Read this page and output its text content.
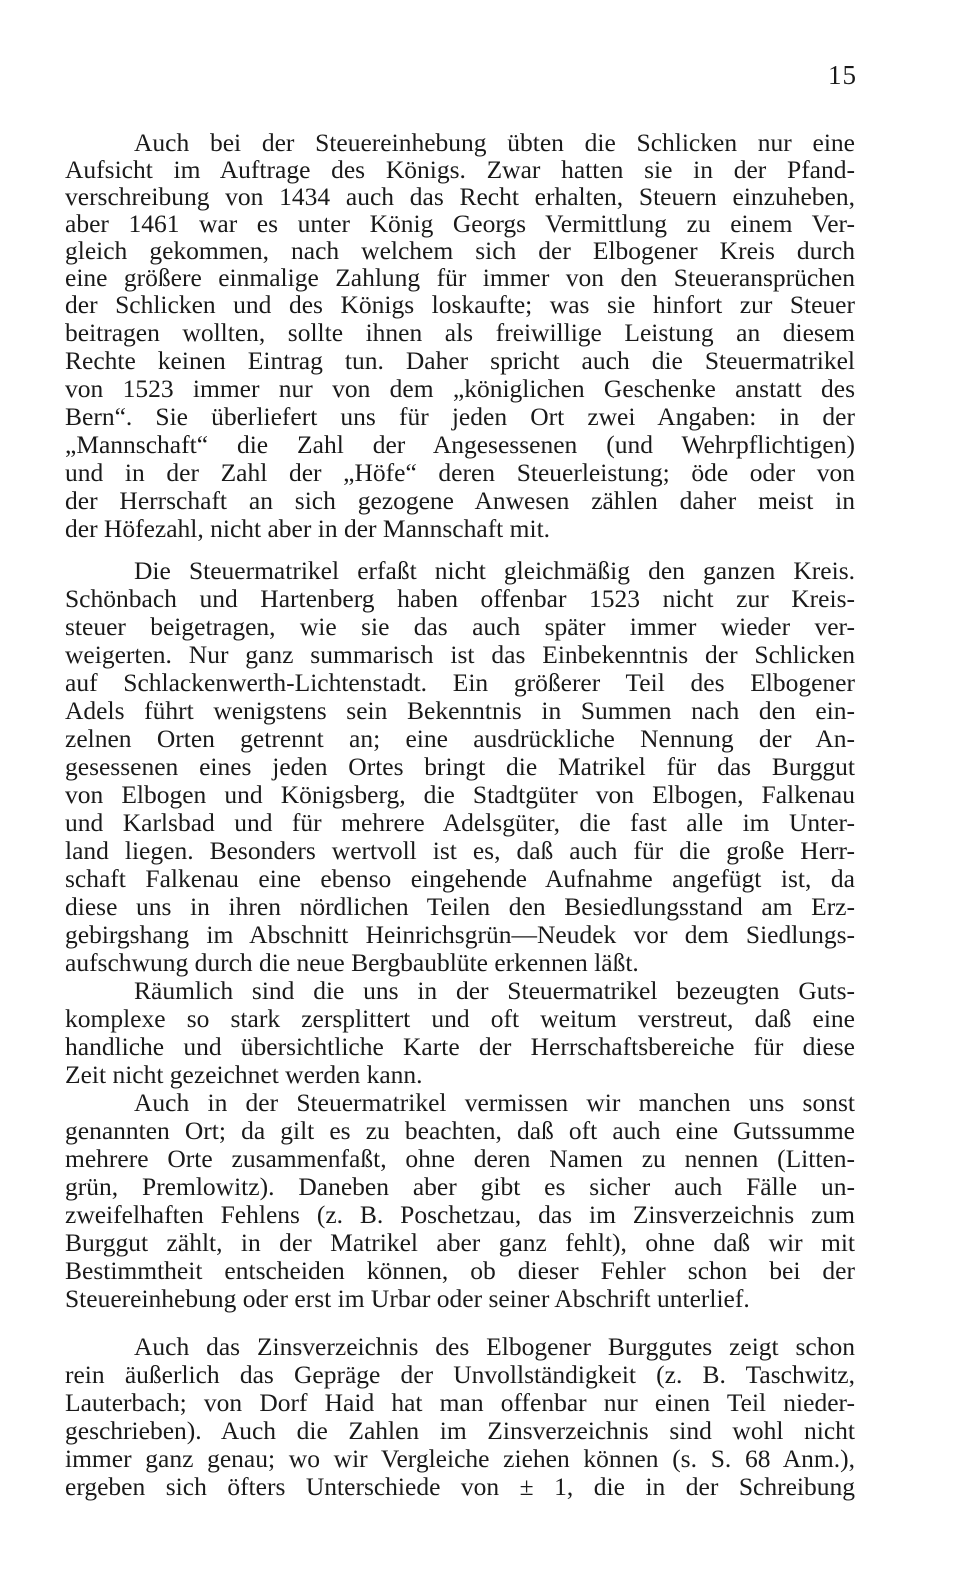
15
Auch bei der Steuereinhebung übten die Schlicken nur eine
Aufsicht im Auftrage des Königs. Zwar hatten sie in der Pfand-
verschreibung von 1434 auch das Recht erhalten, Steuern einzuheben,
aber 1461 war es unter König Georgs Vermittlung zu einem Ver-
gleich gekommen, nach welchem sich der Elbogener Kreis durch
eine größere einmalige Zahlung für immer von den Steueransprüchen
der Schlicken und des Königs loskaufte; was sie hinfort zur Steuer
beitragen wollten, sollte ihnen als freiwillige Leistung an diesem
Rechte keinen Eintrag tun. Daher spricht auch die Steuermatrikel
von 1523 immer nur von dem „königlichen Geschenke anstatt des
Bern“. Sie überliefert uns für jeden Ort zwei Angaben: in der
„Mannschaft“ die Zahl der Angesessenen (und Wehrpflichtigen)
und in der Zahl der „Höfe“ deren Steuerleistung; öde oder von
der Herrschaft an sich gezogene Anwesen zählen daher meist in
der Höfezahl, nicht aber in der Mannschaft mit.
Die Steuermatrikel erfaßt nicht gleichmäßig den ganzen Kreis.
Schönbach und Hartenberg haben offenbar 1523 nicht zur Kreis-
steuer beigetragen, wie sie das auch später immer wieder ver-
weigerten. Nur ganz summarisch ist das Einbekenntnis der Schlicken
auf Schlackenwerth-Lichtenstadt. Ein größerer Teil des Elbogener
Adels führt wenigstens sein Bekenntnis in Summen nach den ein-
zelnen Orten getrennt an; eine ausdrückliche Nennung der An-
gesessenen eines jeden Ortes bringt die Matrikel für das Burggut
von Elbogen und Königsberg, die Stadtgüter von Elbogen, Falkenau
und Karlsbad und für mehrere Adelsgüter, die fast alle im Unter-
land liegen. Besonders wertvoll ist es, daß auch für die große Herr-
schaft Falkenau eine ebenso eingehende Aufnahme angefügt ist, da
diese uns in ihren nördlichen Teilen den Besiedlungsstand am Erz-
gebirgshang im Abschnitt Heinrichsgrün—Neudek vor dem Siedlungs-
aufschwung durch die neue Bergbaublüte erkennen läßt.
Räumlich sind die uns in der Steuermatrikel bezeugten Guts-
komplexe so stark zersplittert und oft weitum verstreut, daß eine
handliche und übersichtliche Karte der Herrschaftsbereiche für diese
Zeit nicht gezeichnet werden kann.
Auch in der Steuermatrikel vermissen wir manchen uns sonst
genannten Ort; da gilt es zu beachten, daß oft auch eine Gutssumme
mehrere Orte zusammenfaßt, ohne deren Namen zu nennen (Litten-
grün, Premlowitz). Daneben aber gibt es sicher auch Fälle un-
zweifelhaften Fehlens (z. B. Poschetzau, das im Zinsverzeichnis zum
Burggut zählt, in der Matrikel aber ganz fehlt), ohne daß wir mit
Bestimmtheit entscheiden können, ob dieser Fehler schon bei der
Steuereinhebung oder erst im Urbar oder seiner Abschrift unterlief.
Auch das Zinsverzeichnis des Elbogener Burggutes zeigt schon
rein äußerlich das Gepräge der Unvollständigkeit (z. B. Taschwitz,
Lauterbach; von Dorf Haid hat man offenbar nur einen Teil nieder-
geschrieben). Auch die Zahlen im Zinsverzeichnis sind wohl nicht
immer ganz genau; wo wir Vergleiche ziehen können (s. S. 68 Anm.),
ergeben sich öfters Unterschiede von ± 1, die in der Schreibung
